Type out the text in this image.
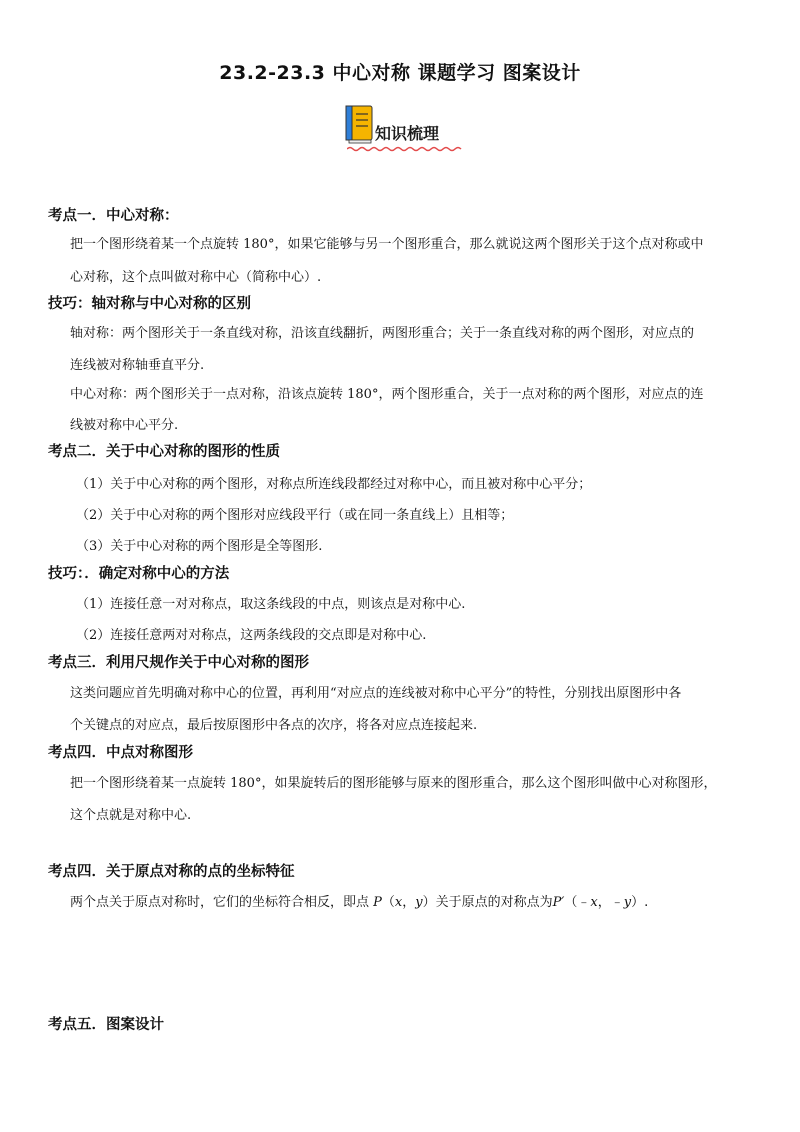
23.2-23.3 中心对称 课题学习 图案设计
知识梳理
考点一．中心对称：
把一个图形绕着某一个点旋转 180°，如果它能够与另一个图形重合，那么就说这两个图形关于这个点对称或中
心对称，这个点叫做对称中心（简称中心）.
技巧：轴对称与中心对称的区别
轴对称：两个图形关于一条直线对称，沿该直线翻折，两图形重合；关于一条直线对称的两个图形，对应点的
连线被对称轴垂直平分.
中心对称：两个图形关于一点对称，沿该点旋转 180°，两个图形重合，关于一点对称的两个图形，对应点的连
线被对称中心平分.
考点二．关于中心对称的图形的性质
（1）关于中心对称的两个图形，对称点所连线段都经过对称中心，而且被对称中心平分；
（2）关于中心对称的两个图形对应线段平行（或在同一条直线上）且相等；
（3）关于中心对称的两个图形是全等图形.
技巧：．确定对称中心的方法
（1）连接任意一对对称点，取这条线段的中点，则该点是对称中心.
（2）连接任意两对对称点，这两条线段的交点即是对称中心.
考点三．利用尺规作关于中心对称的图形
这类问题应首先明确对称中心的位置，再利用“对应点的连线被对称中心平分”的特性，分别找出原图形中各
个关键点的对应点，最后按原图形中各点的次序，将各对应点连接起来.
考点四．中点对称图形
把一个图形绕着某一点旋转 180°，如果旋转后的图形能够与原来的图形重合，那么这个图形叫做中心对称图形，
这个点就是对称中心.
考点四．关于原点对称的点的坐标特征
两个点关于原点对称时，它们的坐标符合相反，即点 P（x，y）关于原点的对称点为P′（﹣x，﹣y）.
考点五．图案设计
